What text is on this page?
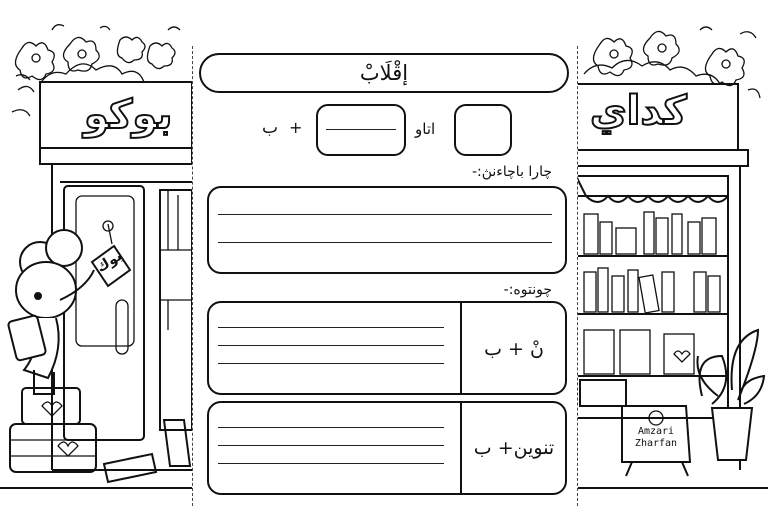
بوكو	كداي
بوك
Amzari
Zharfan
إقْلَابْ
اتاو
+
ب
چارا باچاءنڽ:-
چونتوه:-
نْ + ب
تنوين+ ب
